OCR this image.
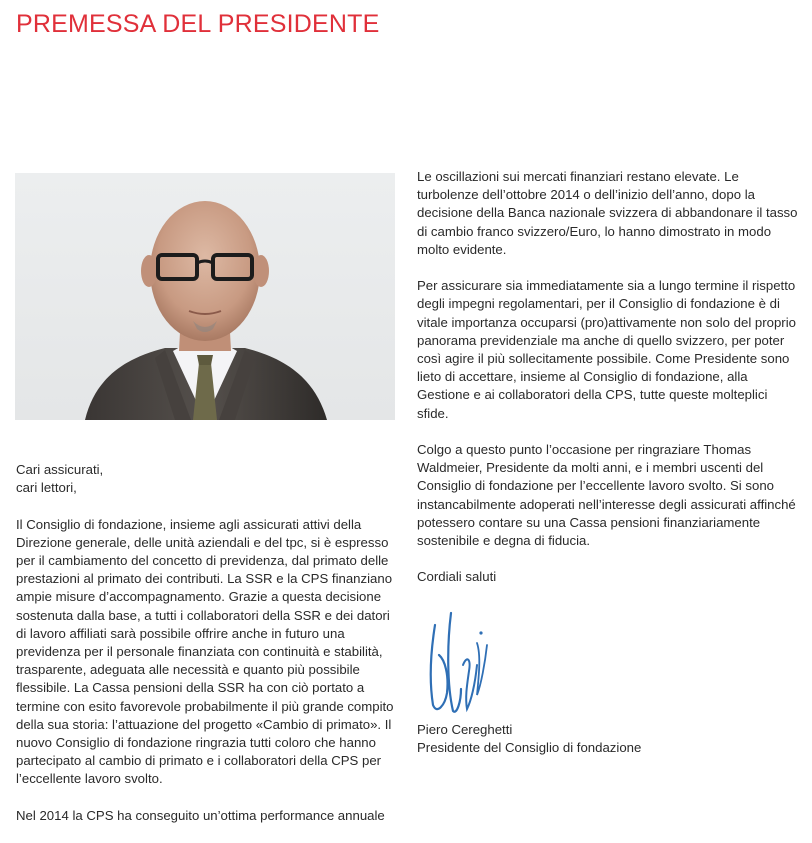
PREMESSA DEL PRESIDENTE

Cari assicurati,
cari lettori,

Il Consiglio di fondazione, insieme agli assicurati attivi della Direzione generale, delle unità aziendali e del tpc, si è espresso per il cambiamento del concetto di previdenza, dal primato delle prestazioni al primato dei contributi. La SSR e la CPS finanziano ampie misure d’accompagnamento. Grazie a questa decisione sostenuta dalla base, a tutti i collaboratori della SSR e dei datori di lavoro affiliati sarà possibile offrire anche in futuro una previdenza per il personale finanziata con continuità e stabilità, trasparente, adeguata alle necessità e quanto più possibile flessibile. La Cassa pensioni della SSR ha con ciò portato a termine con esito favorevole probabilmente il più grande compito della sua storia: l’attuazione del progetto «Cambio di primato». Il nuovo Consiglio di fondazione ringrazia tutti coloro che hanno partecipato al cambio di primato e i collaboratori della CPS per l’eccellente lavoro svolto.

Nel 2014 la CPS ha conseguito un’ottima performance annuale

Le oscillazioni sui mercati finanziari restano elevate. Le turbolenze dell’ottobre 2014 o dell’inizio dell’anno, dopo la decisione della Banca nazionale svizzera di abbandonare il tasso di cambio franco svizzero/Euro, lo hanno dimostrato in modo molto evidente.

Per assicurare sia immediatamente sia a lungo termine il rispetto degli impegni regolamentari, per il Consiglio di fondazione è di vitale importanza occuparsi (pro)attivamente non solo del proprio panorama previdenziale ma anche di quello svizzero, per poter così agire il più sollecitamente possibile. Come Presidente sono lieto di accettare, insieme al Consiglio di fondazione, alla Gestione e ai collaboratori della CPS, tutte queste molteplici sfide.

Colgo a questo punto l’occasione per ringraziare Thomas Waldmeier, Presidente da molti anni, e i membri uscenti del Consiglio di fondazione per l’eccellente lavoro svolto. Si sono instancabilmente adoperati nell’interesse degli assicurati affinché potessero contare su una Cassa pensioni finanziariamente sostenibile e degna di fiducia.

Cordiali saluti

Piero Cereghetti
Presidente del Consiglio di fondazione
